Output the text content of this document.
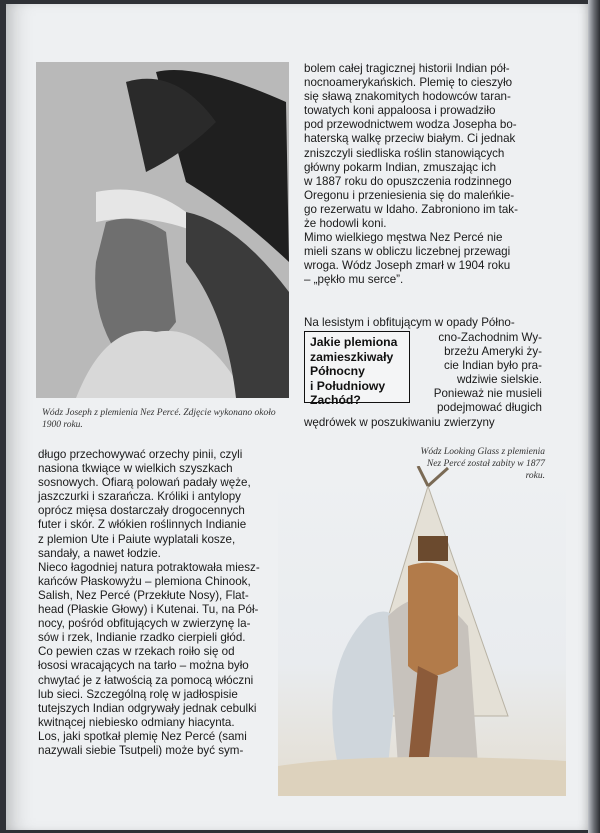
Wódz Joseph z plemienia Nez Percé. Zdjęcie wykonano około 1900 roku.
bolem całej tragicznej historii Indian pół-
nocnoamerykańskich. Plemię to cieszyło
się sławą znakomitych hodowców taran-
towatych koni appaloosa i prowadziło
pod przewodnictwem wodza Josepha bo-
haterską walkę przeciw białym. Ci jednak
zniszczyli siedliska roślin stanowiących
główny pokarm Indian, zmuszając ich
w 1887 roku do opuszczenia rodzinnego
Oregonu i przeniesienia się do maleńkie-
go rezerwatu w Idaho. Zabroniono im tak-
że hodowli koni.
Mimo wielkiego męstwa Nez Percé nie
mieli szans w obliczu liczebnej przewagi
wroga. Wódz Joseph zmarł w 1904 roku
– „pękło mu serce”.
Na lesistym i obfitującym w opady Półno-
Jakie plemiona
zamieszkiwały
Północny
i Południowy
Zachód?
cno-Zachodnim Wy-
brzeżu Ameryki ży-
cie Indian było pra-
wdziwie sielskie.
Ponieważ nie musieli
podejmować długich
wędrówek w poszukiwaniu zwierzyny
Wódz Looking Glass z plemienia Nez Percé został zabity w 1877 roku.
długo przechowywać orzechy pinii, czyli
nasiona tkwiące w wielkich szyszkach
sosnowych. Ofiarą polowań padały węże,
jaszczurki i szarańcza. Króliki i antylopy
oprócz mięsa dostarczały drogocennych
futer i skór. Z włókien roślinnych Indianie
z plemion Ute i Paiute wyplatali kosze,
sandały, a nawet łodzie.
Nieco łagodniej natura potraktowała miesz-
kańców Płaskowyżu – plemiona Chinook,
Salish, Nez Percé (Przekłute Nosy), Flat-
head (Płaskie Głowy) i Kutenai. Tu, na Pół-
nocy, pośród obfitujących w zwierzynę la-
sów i rzek, Indianie rzadko cierpieli głód.
Co pewien czas w rzekach roiło się od
łososi wracających na tarło – można było
chwytać je z łatwością za pomocą włóczni
lub sieci. Szczególną rolę w jadłospisie
tutejszych Indian odgrywały jednak cebulki
kwitnącej niebiesko odmiany hiacynta.
Los, jaki spotkał plemię Nez Percé (sami
nazywali siebie Tsutpeli) może być sym-
